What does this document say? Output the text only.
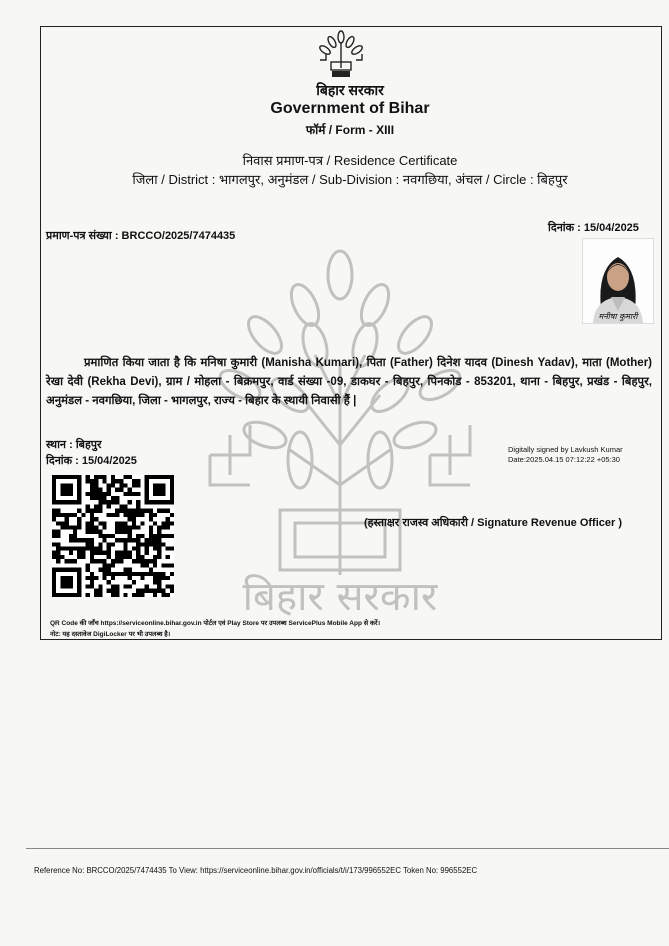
बिहार सरकार
बिहार सरकार
Government of Bihar
फॉर्म / Form - XIII
निवास प्रमाण-पत्र / Residence Certificate
जिला / District : भागलपुर, अनुमंडल / Sub-Division : नवगछिया, अंचल / Circle : बिहपुर
प्रमाण-पत्र संख्या : BRCCO/2025/7474435
दिनांक : 15/04/2025
मनीषा कुमारी
प्रमाणित किया जाता है कि मनिषा कुमारी (Manisha Kumari), पिता (Father) दिनेश यादव (Dinesh Yadav), माता (Mother) रेखा देवी (Rekha Devi), ग्राम / मोहला - बिक्रमपुर, वार्ड संख्या -09, डाकघर - बिहपुर, पिनकोड - 853201, थाना - बिहपुर, प्रखंड - बिहपुर, अनुमंडल - नवगछिया, जिला - भागलपुर, राज्य - बिहार के स्थायी निवासी हैं |
स्थान : बिहपुर
दिनांक : 15/04/2025
Digitally signed by Lavkush Kumar
Date:2025.04.15 07:12:22 +05:30
(हस्ताक्षर राजस्व अधिकारी / Signature Revenue Officer )
QR Code की जाँच https://serviceonline.bihar.gov.in पोर्टल एवं Play Store पर उपलब्ध ServicePlus Mobile App से करें।
नोट: यह दस्तावेज DigiLocker पर भी उपलब्ध है।
Reference No: BRCCO/2025/7474435 To View: https://serviceonline.bihar.gov.in/officials/t/i/173/996552EC Token No: 996552EC
